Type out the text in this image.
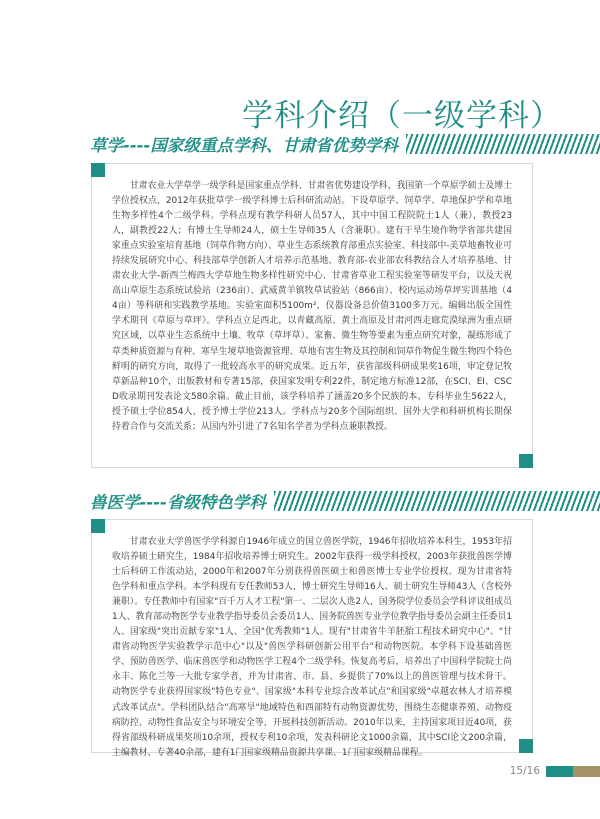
学科介绍（一级学科）
草学----国家级重点学科、甘肃省优势学科

甘肃农业大学草学一级学科是国家重点学科、甘肃省优势建设学科，我国第一个草原学硕士及博士学位授权点，2012年获批草学一级学科博士后科研流动站。下设草原学、饲草学、草地保护学和草地生物多样性4个二级学科。学科点现有教学科研人员57人，其中中国工程院院士1人（兼），教授23人，副教授22人；有博士生导师24人，硕士生导师35人（含兼职）。建有干旱生境作物学省部共建国家重点实验室培育基地（饲草作物方向）、草业生态系统教育部重点实验室、科技部中-美草地畜牧业可持续发展研究中心、科技部草学创新人才培养示范基地、教育部-农业部农科教结合人才培养基地、甘肃农业大学-新西兰梅西大学草地生物多样性研究中心、甘肃省草业工程实验室等研发平台，以及天祝高山草原生态系统试验站（236亩）、武威黄羊镇牧草试验站（866亩）、校内运动场草坪实训基地（44亩）等科研和实践教学基地。实验室面积5100m²，仪器设备总价值3100多万元。编辑出版全国性学术期刊《草原与草坪》。学科点立足西北，以青藏高原、黄土高原及甘肃河西走廊荒漠绿洲为重点研究区域，以草业生态系统中土壤、牧草（草坪草）、家畜、微生物等要素为重点研究对象，凝练形成了草类种质资源与育种、寒旱生境草地资源管理、草地有害生物及其控制和饲草作物促生微生物四个特色鲜明的研究方向，取得了一批较高水平的研究成果。近五年，获省部级科研成果奖16项，审定登记牧草新品种10个，出版教材和专著15部，获国家发明专利22件，制定地方标准12部，在SCI、EI、CSCD收录期刊发表论文580余篇。截止目前，该学科培养了涵盖20多个民族的本、专科毕业生5622人，授予硕士学位854人，授予博士学位213人。学科点与20多个国际组织、国外大学和科研机构长期保持着合作与交流关系；从国内外引进了7名知名学者为学科点兼职教授。

兽医学----省级特色学科

甘肃农业大学兽医学学科源自1946年成立的国立兽医学院，1946年招收培养本科生，1953年招收培养硕士研究生，1984年招收培养博士研究生。2002年获得一级学科授权，2003年获批兽医学博士后科研工作流动站，2000年和2007年分别获得兽医硕士和兽医博士专业学位授权。现为甘肃省特色学科和重点学科。本学科现有专任教师53人，博士研究生导师16人、硕士研究生导师43人（含校外兼职）。专任教师中有国家"百千万人才工程"第一、二层次人选2人，国务院学位委员会学科评议组成员1人、教育部动物医学专业教学指导委员会委员1人、国务院兽医专业学位教学指导委员会副主任委员1人、国家级"突出贡献专家"1人、全国"优秀教师"1人。现有"甘肃省牛羊胚胎工程技术研究中心"、"甘肃省动物医学实验教学示范中心"以及"兽医学科研创新公用平台"和动物医院。本学科下设基础兽医学、预防兽医学、临床兽医学和动物医学工程4个二级学科。恢复高考后，培养出了中国科学院院士尚永丰、陈化兰等一大批专家学者，并为甘肃省、市、县、乡提供了70%以上的兽医管理与技术骨干。动物医学专业获得国家级"特色专业"、国家级"本科专业综合改革试点"和国家级"卓越农林人才培养模式改革试点"。学科团队结合"高寒旱"地域特色和西部特有动物资源优势，围绕生态健康养殖、动物疫病防控、动物性食品安全与环境安全等，开展科技创新活动。2010年以来，主持国家项目近40项，获得省部级科研成果奖项10余项，授权专利10余项，发表科研论文1000余篇，其中SCI论文200余篇，主编教材、专著40余部，建有1门国家级精品资源共享课、1门国家级精品课程。

15/16
